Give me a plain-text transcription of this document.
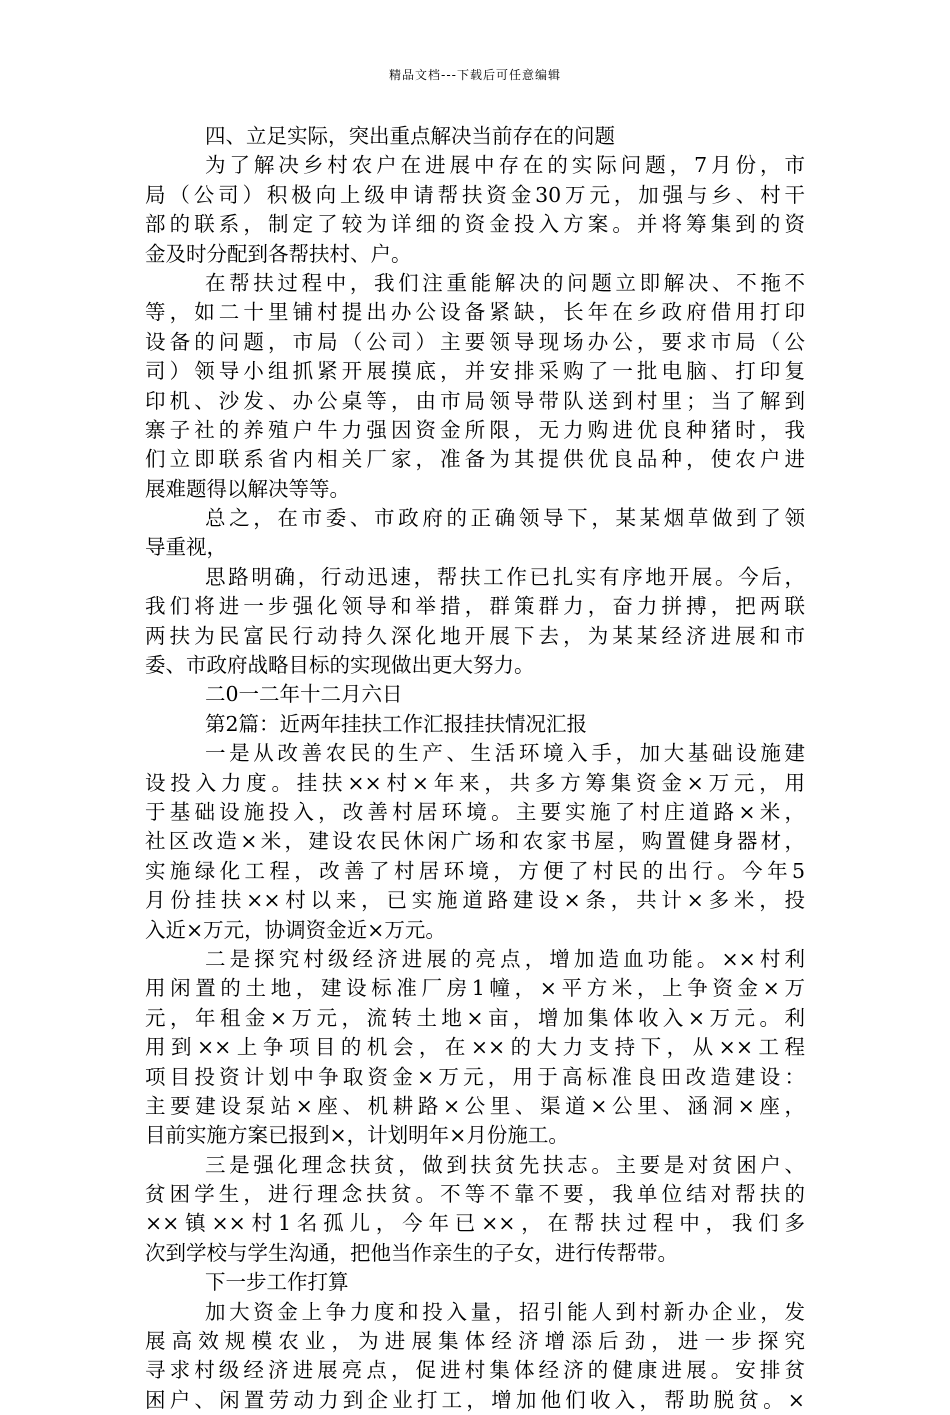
精品文档---下载后可任意编辑
四、立足实际，突出重点解决当前存在的问题
为了解决乡村农户在进展中存在的实际问题，7月份，市
局（公司）积极向上级申请帮扶资金30万元，加强与乡、村干
部的联系，制定了较为详细的资金投入方案。并将筹集到的资
金及时分配到各帮扶村、户。
在帮扶过程中，我们注重能解决的问题立即解决、不拖不
等，如二十里铺村提出办公设备紧缺，长年在乡政府借用打印
设备的问题，市局（公司）主要领导现场办公，要求市局（公
司）领导小组抓紧开展摸底，并安排采购了一批电脑、打印复
印机、沙发、办公桌等，由市局领导带队送到村里；当了解到
寨子社的养殖户牛力强因资金所限，无力购进优良种猪时，我
们立即联系省内相关厂家，准备为其提供优良品种，使农户进
展难题得以解决等等。
总之，在市委、市政府的正确领导下，某某烟草做到了领
导重视，
思路明确，行动迅速，帮扶工作已扎实有序地开展。今后，
我们将进一步强化领导和举措，群策群力，奋力拼搏，把两联
两扶为民富民行动持久深化地开展下去，为某某经济进展和市
委、市政府战略目标的实现做出更大努力。
二0一二年十二月六日
第2篇：近两年挂扶工作汇报挂扶情况汇报
一是从改善农民的生产、生活环境入手，加大基础设施建
设投入力度。挂扶××村×年来，共多方筹集资金×万元，用
于基础设施投入，改善村居环境。主要实施了村庄道路×米，
社区改造×米，建设农民休闲广场和农家书屋，购置健身器材，
实施绿化工程，改善了村居环境，方便了村民的出行。今年5
月份挂扶××村以来，已实施道路建设×条，共计×多米，投
入近×万元，协调资金近×万元。
二是探究村级经济进展的亮点，增加造血功能。××村利
用闲置的土地，建设标准厂房1幢，×平方米，上争资金×万
元，年租金×万元，流转土地×亩，增加集体收入×万元。利
用到××上争项目的机会，在××的大力支持下，从××工程
项目投资计划中争取资金×万元，用于高标准良田改造建设：
主要建设泵站×座、机耕路×公里、渠道×公里、涵洞×座，
目前实施方案已报到×，计划明年×月份施工。
三是强化理念扶贫，做到扶贫先扶志。主要是对贫困户、
贫困学生，进行理念扶贫。不等不靠不要，我单位结对帮扶的
××镇××村1名孤儿，今年已××，在帮扶过程中，我们多
次到学校与学生沟通，把他当作亲生的子女，进行传帮带。
下一步工作打算
加大资金上争力度和投入量，招引能人到村新办企业，发
展高效规模农业，为进展集体经济增添后劲，进一步探究
寻求村级经济进展亮点，促进村集体经济的健康进展。安排贫
困户、闲置劳动力到企业打工，增加他们收入，帮助脱贫。×
